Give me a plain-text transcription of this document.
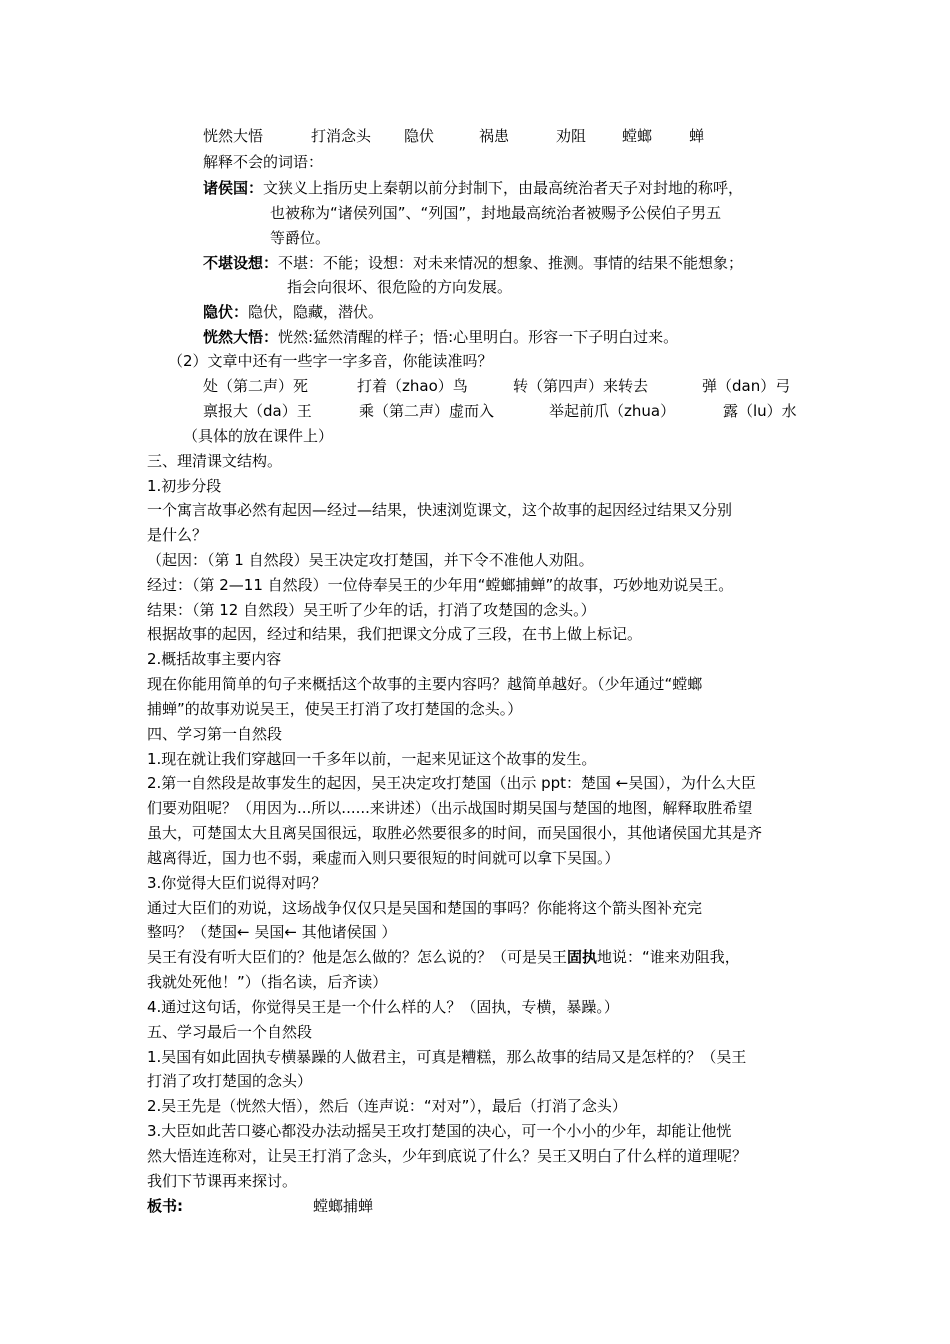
恍然大悟	打消念头 隐伏	祸患	劝阻 螳螂 蝉
解释不会的词语：
诸侯国：文狭义上指历史上秦朝以前分封制下，由最高统治者天子对封地的称呼，
也被称为“诸侯列国”、“列国”，封地最高统治者被赐予公侯伯子男五
等爵位。
不堪设想：不堪：不能；设想：对未来情况的想象、推测。事情的结果不能想象；
指会向很坏、很危险的方向发展。
隐伏：隐伏，隐藏，潜伏。
恍然大悟：恍然:猛然清醒的样子；悟:心里明白。形容一下子明白过来。
（2）文章中还有一些字一字多音，你能读准吗？
处（第二声）死	打着（zhao）鸟	转（第四声）来转去	弹（dan）弓
禀报大（da）王	乘（第二声）虚而入	举起前爪（zhua）	露（lu）水
（具体的放在课件上）
三、理清课文结构。
1.初步分段
一个寓言故事必然有起因—经过—结果，快速浏览课文，这个故事的起因经过结果又分别
是什么？
（起因：（第 1 自然段）吴王决定攻打楚国，并下令不准他人劝阻。
经过：（第 2—11 自然段）一位侍奉吴王的少年用“螳螂捕蝉”的故事，巧妙地劝说吴王。
结果：（第 12 自然段）吴王听了少年的话，打消了攻楚国的念头。）
根据故事的起因，经过和结果，我们把课文分成了三段，在书上做上标记。
2.概括故事主要内容
现在你能用简单的句子来概括这个故事的主要内容吗？越简单越好。（少年通过“螳螂
捕蝉”的故事劝说吴王，使吴王打消了攻打楚国的念头。）
四、学习第一自然段
1.现在就让我们穿越回一千多年以前，一起来见证这个故事的发生。
2.第一自然段是故事发生的起因，吴王决定攻打楚国（出示 ppt：楚国 ←吴国），为什么大臣
们要劝阻呢？（用因为...所以......来讲述）（出示战国时期吴国与楚国的地图，解释取胜希望
虽大，可楚国太大且离吴国很远，取胜必然要很多的时间，而吴国很小，其他诸侯国尤其是齐
越离得近，国力也不弱，乘虚而入则只要很短的时间就可以拿下吴国。）
3.你觉得大臣们说得对吗？
通过大臣们的劝说，这场战争仅仅只是吴国和楚国的事吗？你能将这个箭头图补充完
整吗？（楚国← 吴国← 其他诸侯国 ）
吴王有没有听大臣们的？他是怎么做的？怎么说的？（可是吴王固执地说：“谁来劝阻我，
我就处死他！”）（指名读，后齐读）
4.通过这句话，你觉得吴王是一个什么样的人？（固执，专横，暴躁。）
五、学习最后一个自然段
1.吴国有如此固执专横暴躁的人做君主，可真是糟糕，那么故事的结局又是怎样的？（吴王
打消了攻打楚国的念头）
2.吴王先是（恍然大悟），然后（连声说：“对对”），最后（打消了念头）
3.大臣如此苦口婆心都没办法动摇吴王攻打楚国的决心，可一个小小的少年，却能让他恍
然大悟连连称对，让吴王打消了念头，少年到底说了什么？吴王又明白了什么样的道理呢？
我们下节课再来探讨。
板书:	螳螂捕蝉
